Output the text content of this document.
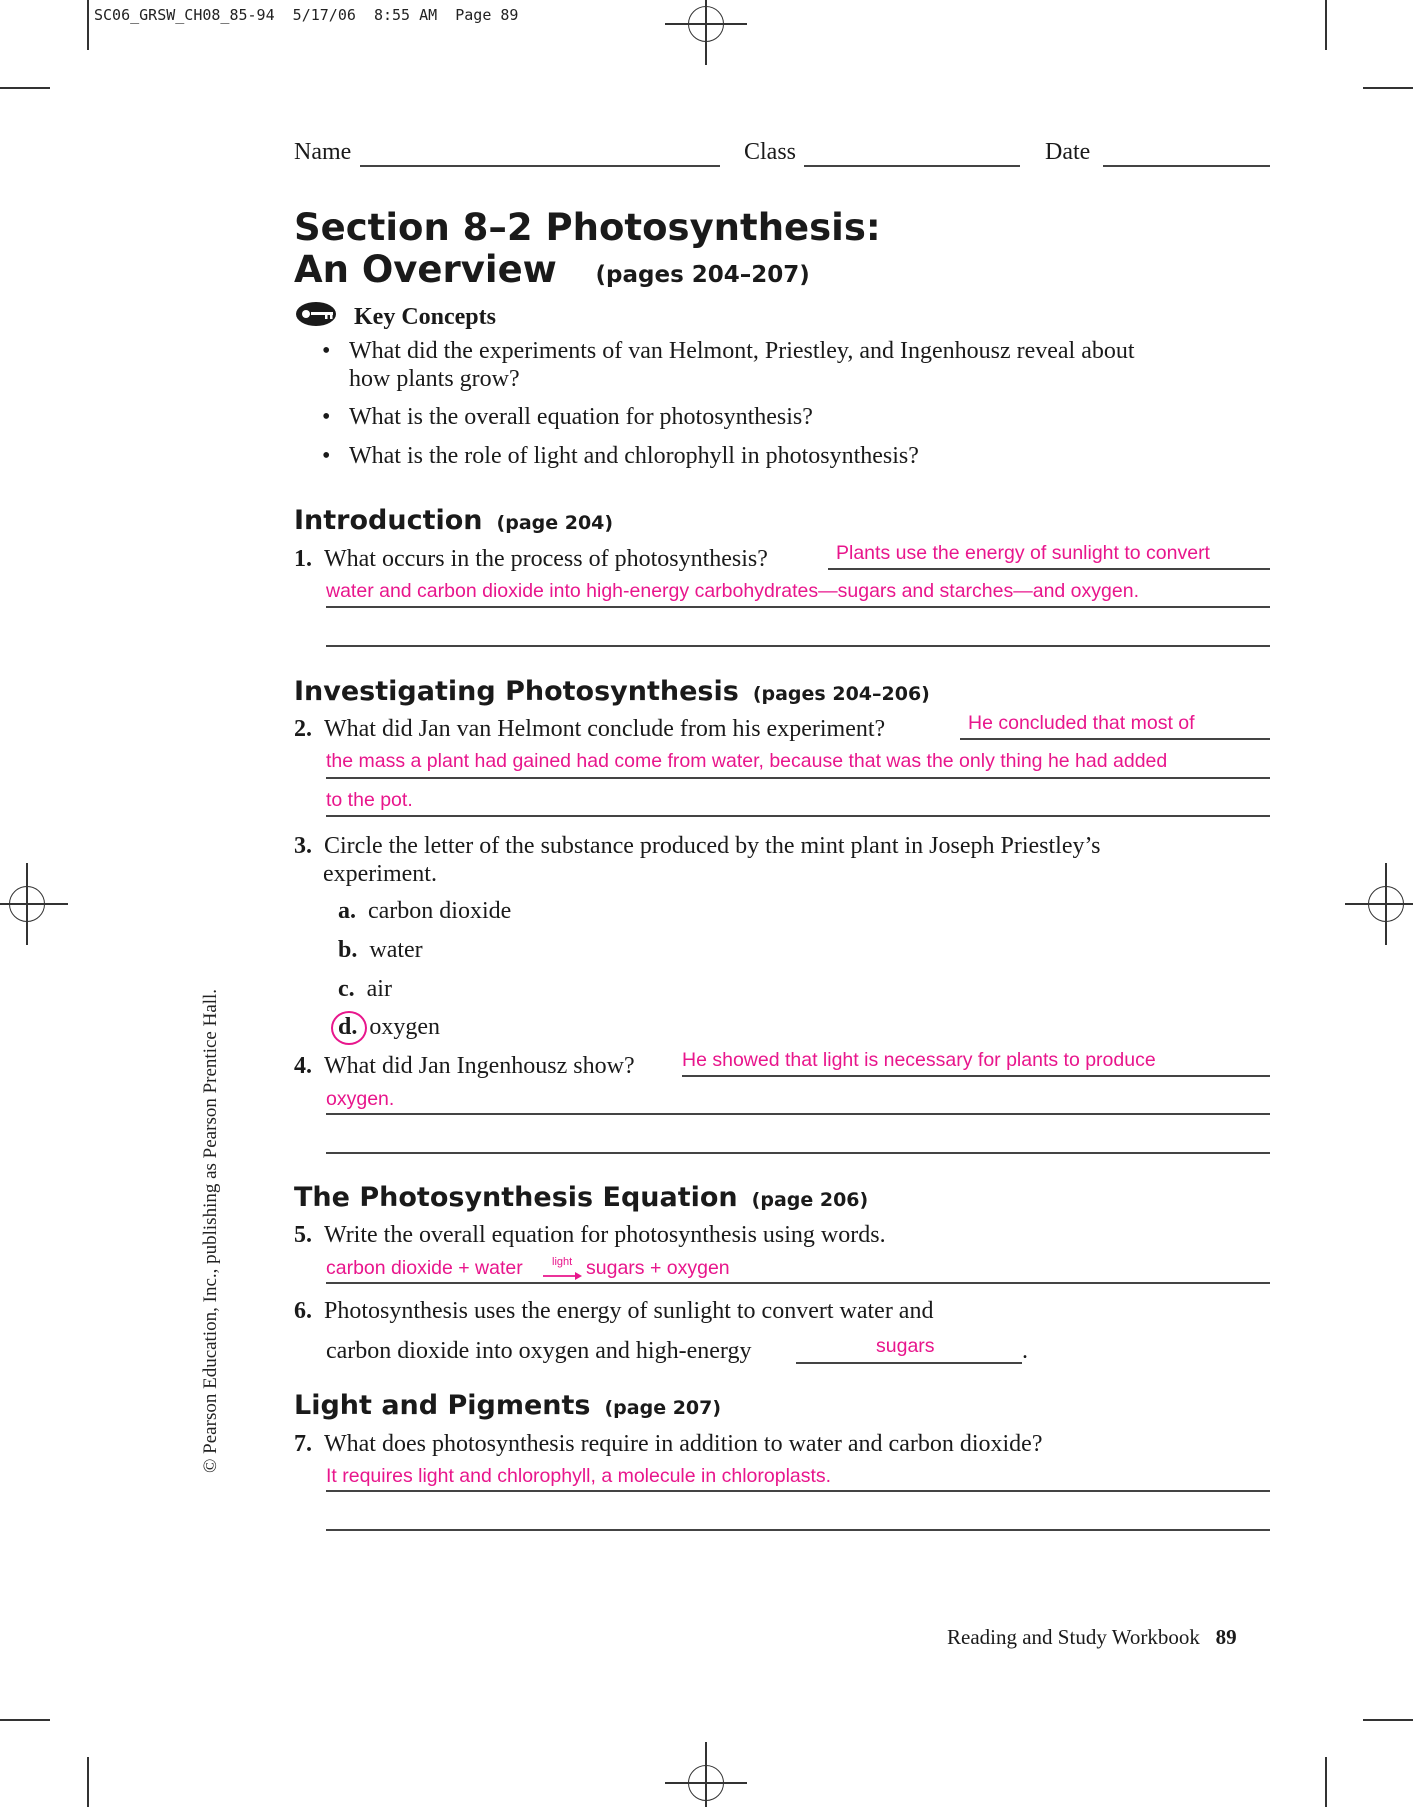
SC06_GRSW_CH08_85-94  5/17/06  8:55 AM  Page 89
Name	Class	Date
Section 8–2 Photosynthesis:
An Overview (pages 204–207)
Key Concepts
• What did the experiments of van Helmont, Priestley, and Ingenhousz reveal about
how plants grow?
• What is the overall equation for photosynthesis?
• What is the role of light and chlorophyll in photosynthesis?
Introduction (page 204)
1. What occurs in the process of photosynthesis?	Plants use the energy of sunlight to convert
water and carbon dioxide into high-energy carbohydrates—sugars and starches—and oxygen.
Investigating Photosynthesis (pages 204–206)
2. What did Jan van Helmont conclude from his experiment?	He concluded that most of
the mass a plant had gained had come from water, because that was the only thing he had added
to the pot.
3. Circle the letter of the substance produced by the mint plant in Joseph Priestley’s
experiment.
a. carbon dioxide
b. water
c. air
d. oxygen
4. What did Jan Ingenhousz show? He showed that light is necessary for plants to produce
oxygen.
The Photosynthesis Equation (page 206)
5. Write the overall equation for photosynthesis using words.
carbon dioxide + water	light → sugars + oxygen
6. Photosynthesis uses the energy of sunlight to convert water and
carbon dioxide into oxygen and high-energy	sugars	.
Light and Pigments (page 207)
7. What does photosynthesis require in addition to water and carbon dioxide?
It requires light and chlorophyll, a molecule in chloroplasts.
© Pearson Education, Inc., publishing as Pearson Prentice Hall.
Reading and Study Workbook 89
